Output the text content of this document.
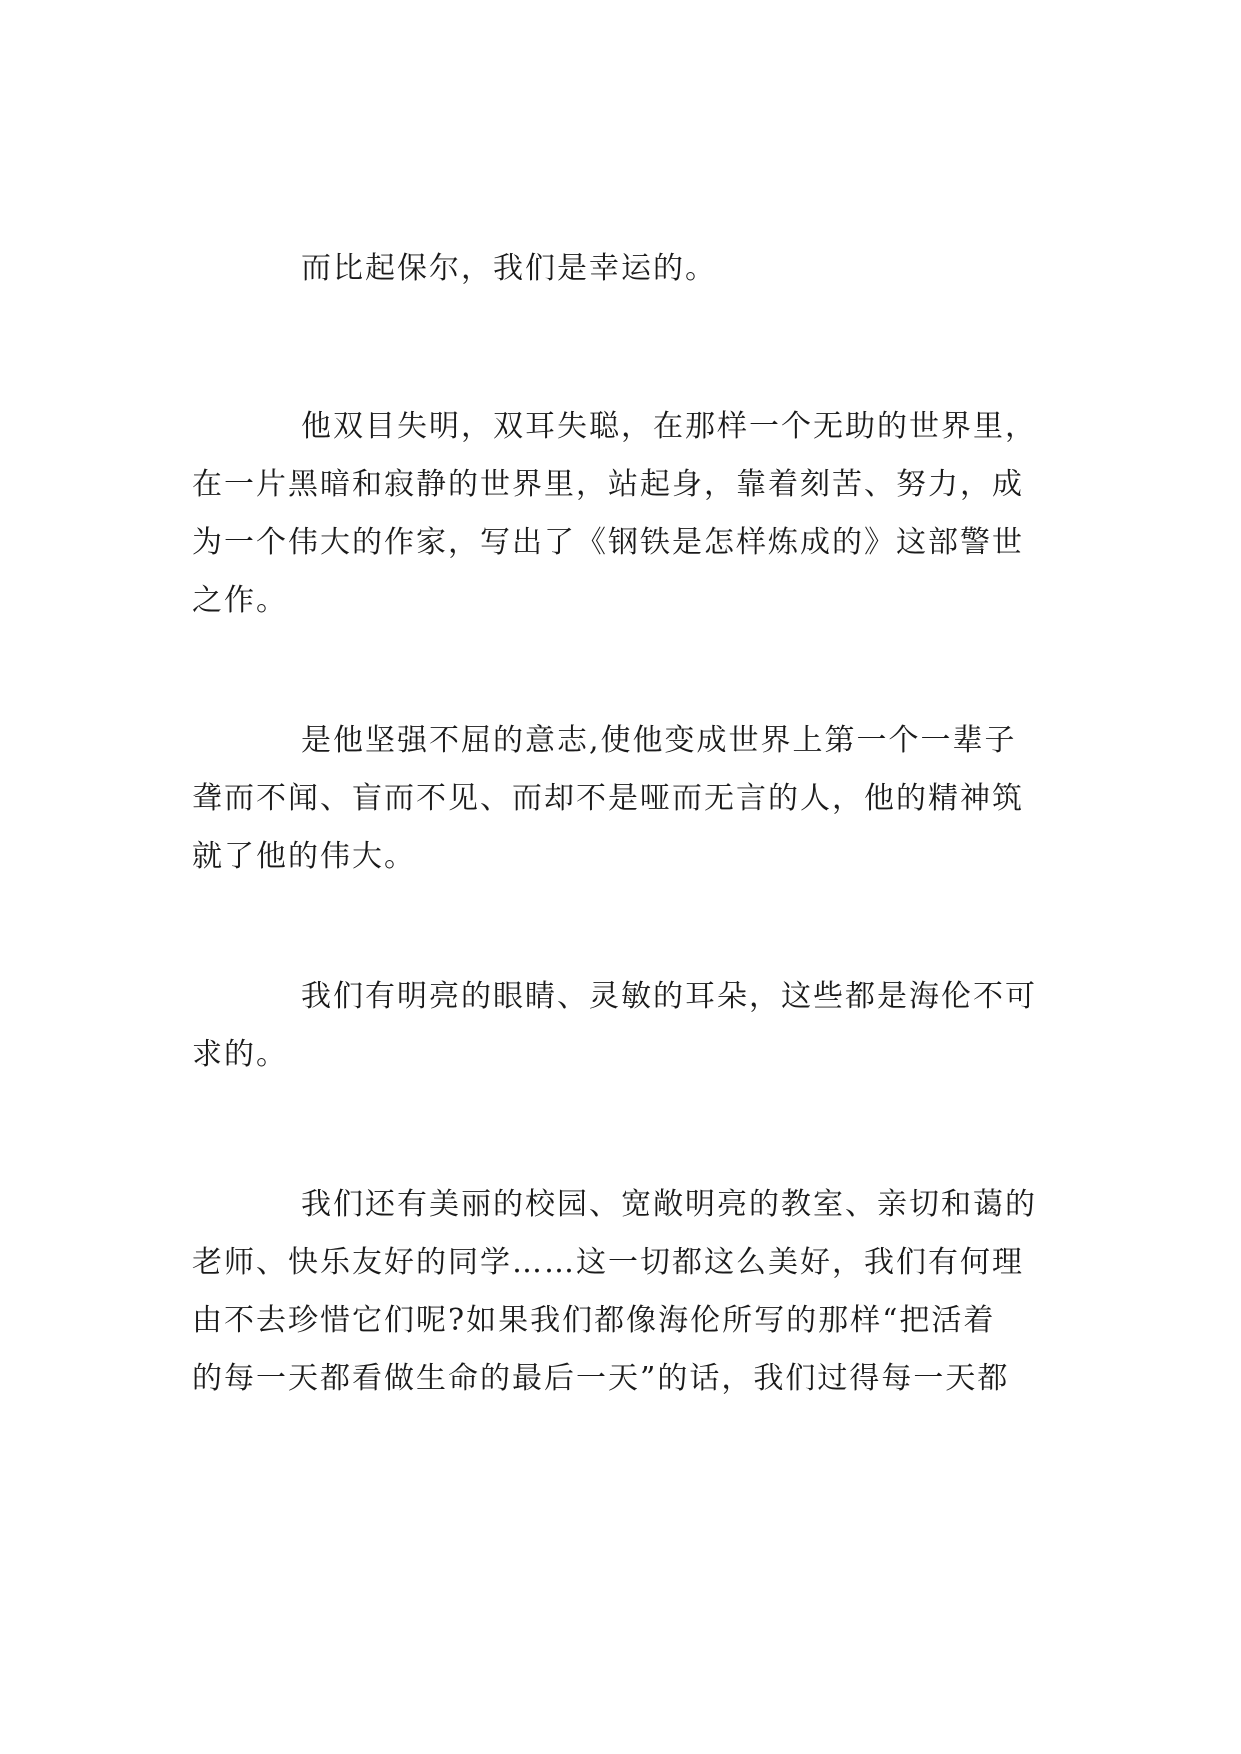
而比起保尔，我们是幸运的。
他双目失明，双耳失聪，在那样一个无助的世界里，
在一片黑暗和寂静的世界里，站起身，靠着刻苦、努力，成
为一个伟大的作家，写出了《钢铁是怎样炼成的》这部警世
之作。
是他坚强不屈的意志,使他变成世界上第一个一辈子
聋而不闻、盲而不见、而却不是哑而无言的人，他的精神筑
就了他的伟大。
我们有明亮的眼睛、灵敏的耳朵，这些都是海伦不可
求的。
我们还有美丽的校园、宽敞明亮的教室、亲切和蔼的
老师、快乐友好的同学……这一切都这么美好，我们有何理
由不去珍惜它们呢?如果我们都像海伦所写的那样“把活着
的每一天都看做生命的最后一天”的话，我们过得每一天都
